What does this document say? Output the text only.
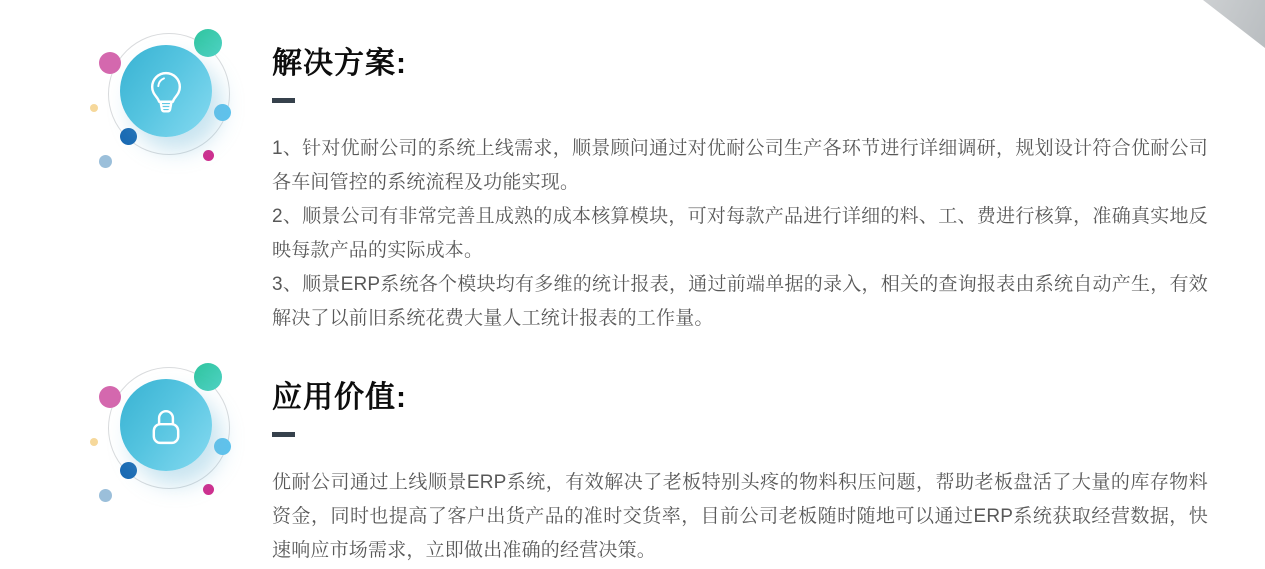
解决方案:

1、针对优耐公司的系统上线需求，顺景顾问通过对优耐公司生产各环节进行详细调研，规划设计符合优耐公司各车间管控的系统流程及功能实现。

2、顺景公司有非常完善且成熟的成本核算模块，可对每款产品进行详细的料、工、费进行核算，准确真实地反映每款产品的实际成本。

3、顺景ERP系统各个模块均有多维的统计报表，通过前端单据的录入，相关的查询报表由系统自动产生，有效解决了以前旧系统花费大量人工统计报表的工作量。

应用价值:

优耐公司通过上线顺景ERP系统，有效解决了老板特别头疼的物料积压问题，帮助老板盘活了大量的库存物料资金，同时也提高了客户出货产品的准时交货率，目前公司老板随时随地可以通过ERP系统获取经营数据，快速响应市场需求，立即做出准确的经营决策。
